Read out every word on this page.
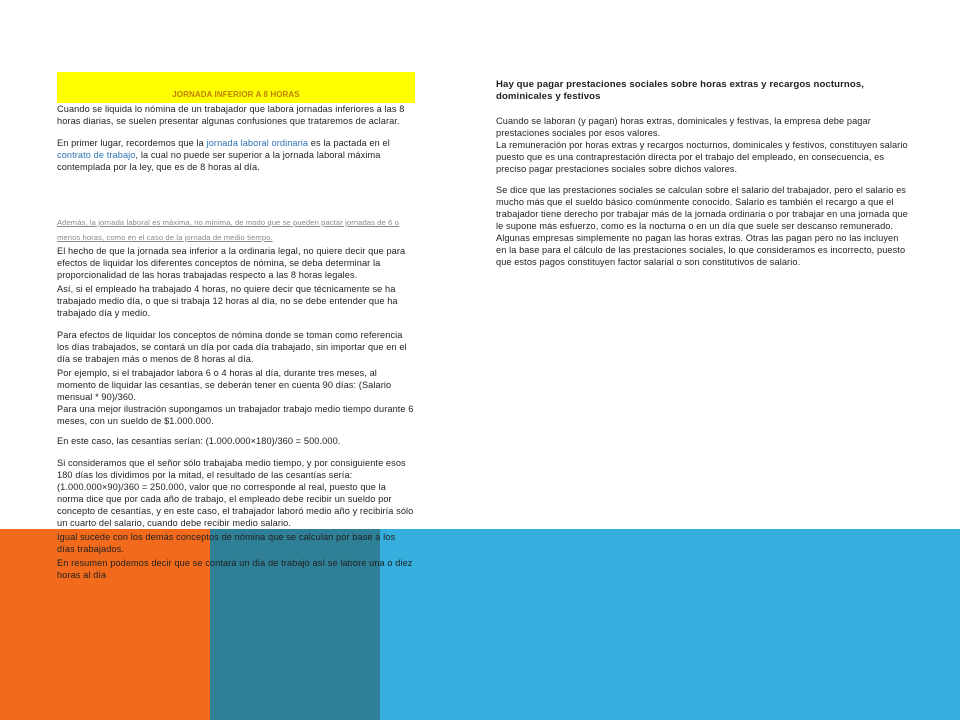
JORNADA INFERIOR A 8 HORAS

Cuando se liquida lo nómina de un trabajador que labora jornadas inferiores a las 8 horas diarias, se suelen presentar algunas confusiones que trataremos de aclarar.

En primer lugar, recordemos que la jornada laboral ordinaria es la pactada en el contrato de trabajo, la cual no puede ser superior a la jornada laboral máxima contemplada por la ley, que es de 8 horas al día.

Además, la jornada laboral es máxima, no mínima, de modo que se pueden pactar jornadas de 6 o menos horas, como en el caso de la jornada de medio tiempo.

El hecho de que la jornada sea inferior a la ordinaria legal, no quiere decir que para efectos de liquidar los diferentes conceptos de nómina, se deba determinar la proporcionalidad de las horas trabajadas respecto a las 8 horas legales.

Así, si el empleado ha trabajado 4 horas, no quiere decir que técnicamente se ha trabajado medio día, o que si trabaja 12 horas al día, no se debe entender que ha trabajado día y medio.

Para efectos de liquidar los conceptos de nómina donde se toman como referencia los días trabajados, se contará un día por cada día trabajado, sin importar que en el día se trabajen más o menos de 8 horas al día.

Por ejemplo, si el trabajador labora 6 o 4 horas al día, durante tres meses, al momento de liquidar las cesantías, se deberán tener en cuenta 90 días: (Salario mensual * 90)/360.

Para una mejor ilustración supongamos un trabajador trabajo medio tiempo durante 6 meses, con un sueldo de $1.000.000.

En este caso, las cesantías serían: (1.000.000×180)/360 = 500.000.

Si consideramos que el señor sólo trabajaba medio tiempo, y por consiguiente esos 180 días los dividimos por la mitad, el resultado de las cesantías sería: (1.000.000×90)/360 = 250.000, valor que no corresponde al real, puesto que la norma dice que por cada año de trabajo, el empleado debe recibir un sueldo por concepto de cesantías, y en este caso, el trabajador laboró medio año y recibiría sólo un cuarto del salario, cuando debe recibir medio salario.

Igual sucede con los demás conceptos de nómina que se calculan por base a los días trabajados.

En resumen podemos decir que se contará un día de trabajo así se labore una o diez horas al día

Hay que pagar prestaciones sociales sobre horas extras y recargos nocturnos, dominicales y festivos

Cuando se laboran (y pagan) horas extras, dominicales y festivas, la empresa debe pagar prestaciones sociales por esos valores.

La remuneración por horas extras y recargos nocturnos, dominicales y festivos, constituyen salario puesto que es una contraprestación directa por el trabajo del empleado, en consecuencia, es preciso pagar prestaciones sociales sobre dichos valores.

Se dice que las prestaciones sociales se calculan sobre el salario del trabajador, pero el salario es mucho más que el sueldo básico comúnmente conocido. Salario es también el recargo a que el trabajador tiene derecho por trabajar más de la jornada ordinaria o por trabajar en una jornada que le supone más esfuerzo, como es la nocturna o en un día que suele ser descanso remunerado.

Algunas empresas simplemente no pagan las horas extras. Otras las pagan pero no las incluyen en la base para el cálculo de las prestaciones sociales, lo que consideramos es incorrecto, puesto que estos pagos constituyen factor salarial o son constitutivos de salario.
